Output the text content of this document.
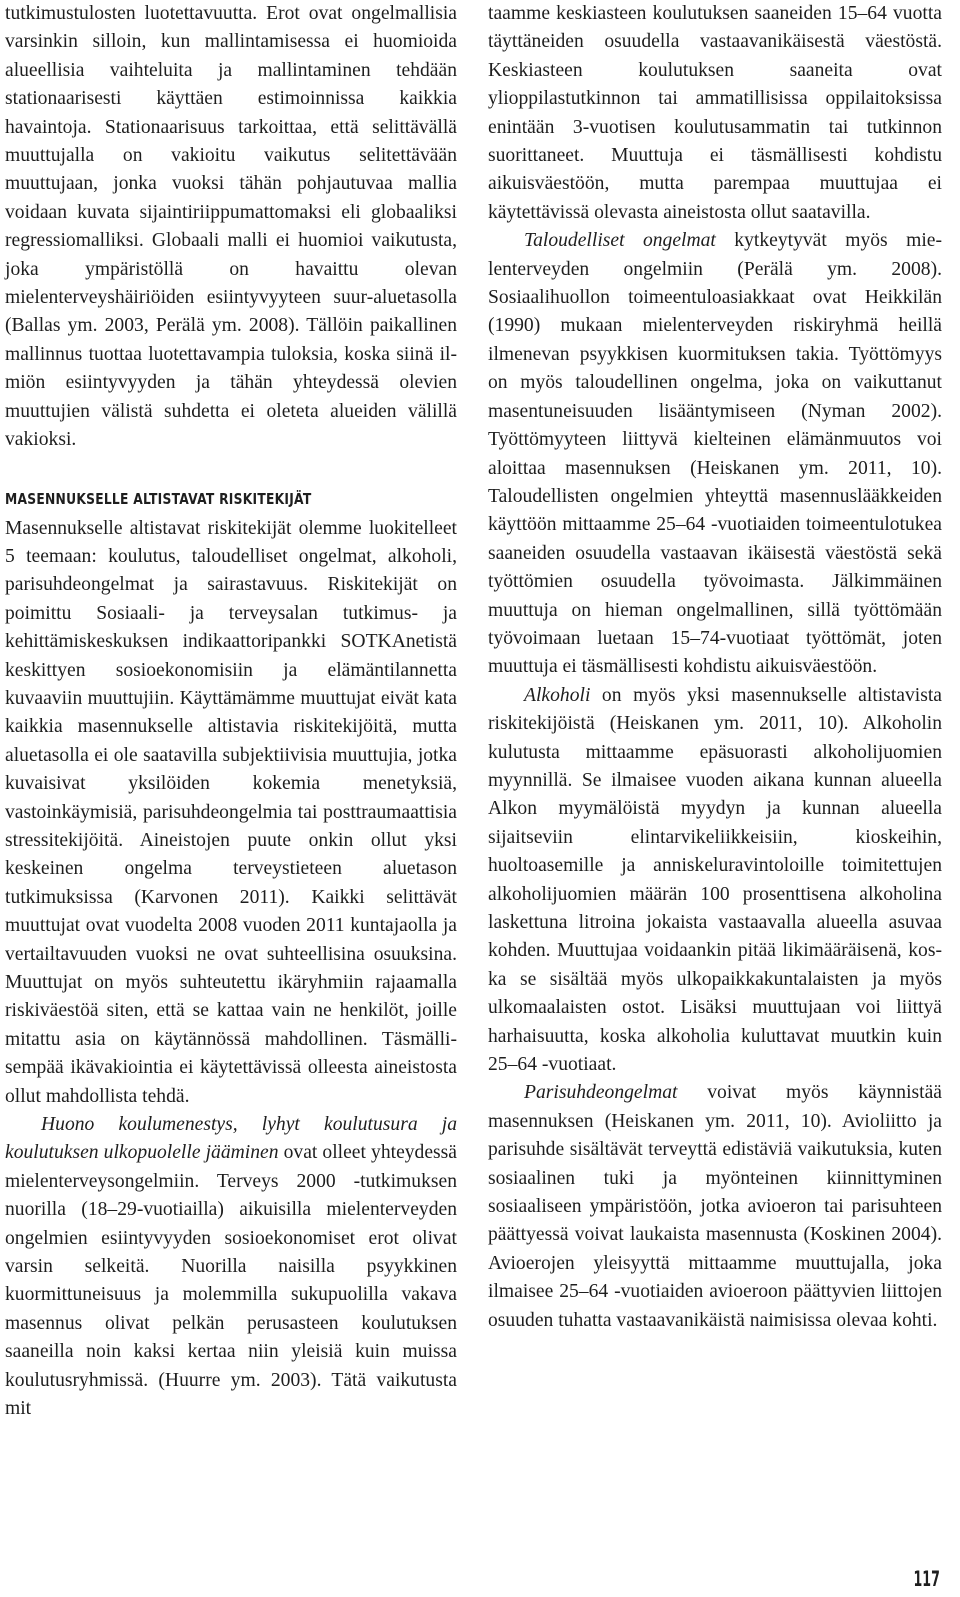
tutkimustulosten luotettavuutta. Erot ovat ongelmallisia varsinkin silloin, kun mallintamisessa ei huomioida alueellisia vaihteluita ja mallintaminen tehdään stationaarisesti käyttäen estimoinnissa kaikkia havaintoja. Stationaarisuus tarkoittaa, että selittävällä muuttujalla on vakioitu vaikutus selitettävään muuttujaan, jonka vuoksi tähän pohjautuvaa mallia voidaan kuvata sijaintiriippumattomaksi eli globaaliksi regressiomalliksi. Globaali malli ei huomioi vaikutusta, joka ympäristöllä on havaittu olevan mielenterveyshäiriöiden esiintyvyyteen suur-aluetasolla (Ballas ym. 2003, Perälä ym. 2008). Tällöin paikallinen mallinnus tuottaa luotettavampia tuloksia, koska siinä ilmiön esiintyvyyden ja tähän yhteydessä olevien muuttujien välistä suhdetta ei oleteta alueiden välillä vakioksi.

MASENNUKSELLE ALTISTAVAT RISKITEKIJÄT

Masennukselle altistavat riskitekijät olemme luokitelleet 5 teemaan: koulutus, taloudelliset ongelmat, alkoholi, parisuhdeongelmat ja sairastavuus. Riskitekijät on poimittu Sosiaali- ja terveysalan tutkimus- ja kehittämiskeskuksen indikaattoripankki SOTKAnetistä keskittyen sosioekonomisiin ja elämäntilannetta kuvaaviin muuttujiin. Käyttämämme muuttujat eivät kata kaikkia masennukselle altistavia riskitekijöitä, mutta aluetasolla ei ole saatavilla subjektiivisia muuttujia, jotka kuvaisivat yksilöiden kokemia menetyksiä, vastoinkäymisiä, parisuhdeongelmia tai posttraumaattisia stressitekijöitä. Aineistojen puute onkin ollut yksi keskeinen ongelma terveystieteen aluetason tutkimuksissa (Karvonen 2011). Kaikki selittävät muuttujat ovat vuodelta 2008 vuoden 2011 kuntajaolla ja vertailtavuuden vuoksi ne ovat suhteellisina osuuksina. Muuttujat on myös suhteutettu ikäryhmiin rajaamalla riskiväestöä siten, että se kattaa vain ne henkilöt, joille mitattu asia on käytännössä mahdollinen. Täsmällisempää ikävakiointia ei käytettävissä olleesta aineistosta ollut mahdollista tehdä.

Huono koulumenestys, lyhyt koulutusura ja koulutuksen ulkopuolelle jääminen ovat olleet yhteydessä mielenterveysongelmiin. Terveys 2000 -tutkimuksen nuorilla (18–29-vuotiailla) aikuisilla mielenterveyden ongelmien esiintyvyyden sosioekonomiset erot olivat varsin selkeitä. Nuorilla naisilla psyykkinen kuormittuneisuus ja molemmilla sukupuolilla vakava masennus olivat pelkän perusasteen koulutuksen saaneilla noin kaksi kertaa niin yleisiä kuin muissa koulutusryhmissä. (Huurre ym. 2003). Tätä vaikutusta mit

taamme keskiasteen koulutuksen saaneiden 15–64 vuotta täyttäneiden osuudella vastaavanikäisestä väestöstä. Keskiasteen koulutuksen saaneita ovat ylioppilastutkinnon tai ammatillisissa oppilaitoksissa enintään 3-vuotisen koulutusammatin tai tutkinnon suorittaneet. Muuttuja ei täsmällisesti kohdistu aikuisväestöön, mutta parempaa muuttujaa ei käytettävissä olevasta aineistosta ollut saatavilla.

Taloudelliset ongelmat kytkeytyvät myös mielenterveyden ongelmiin (Perälä ym. 2008). Sosiaalihuollon toimeentuloasiakkaat ovat Heikkilän (1990) mukaan mielenterveyden riskiryhmä heillä ilmenevan psyykkisen kuormituksen takia. Työttömyys on myös taloudellinen ongelma, joka on vaikuttanut masentuneisuuden lisääntymiseen (Nyman 2002). Työttömyyteen liittyvä kielteinen elämänmuutos voi aloittaa masennuksen (Heiskanen ym. 2011, 10). Taloudellisten ongelmien yhteyttä masennuslääkkeiden käyttöön mittaamme 25–64 -vuotiaiden toimeentulotukea saaneiden osuudella vastaavan ikäisestä väestöstä sekä työttömien osuudella työvoimasta. Jälkimmäinen muuttuja on hieman ongelmallinen, sillä työttömään työvoimaan luetaan 15–74-vuotiaat työttömät, joten muuttuja ei täsmällisesti kohdistu aikuisväestöön.

Alkoholi on myös yksi masennukselle altistavista riskitekijöistä (Heiskanen ym. 2011, 10). Alkoholin kulutusta mittaamme epäsuorasti alkoholijuomien myynnillä. Se ilmaisee vuoden aikana kunnan alueella Alkon myymälöistä myydyn ja kunnan alueella sijaitseviin elintarvikeliikkeisiin, kioskeihin, huoltoasemille ja anniskeluravintoloille toimitettujen alkoholijuomien määrän 100 prosenttisena alkoholina laskettuna litroina jokaista vastaavalla alueella asuvaa kohden. Muuttujaa voidaankin pitää likimääräisenä, koska se sisältää myös ulkopaikkakuntalaisten ja myös ulkomaalaisten ostot. Lisäksi muuttujaan voi liittyä harhaisuutta, koska alkoholia kuluttavat muutkin kuin 25–64 -vuotiaat.

Parisuhdeongelmat voivat myös käynnistää masennuksen (Heiskanen ym. 2011, 10). Avioliitto ja parisuhde sisältävät terveyttä edistäviä vaikutuksia, kuten sosiaalinen tuki ja myönteinen kiinnittyminen sosiaaliseen ympäristöön, jotka avioeron tai parisuhteen päättyessä voivat laukaista masennusta (Koskinen 2004). Avioerojen yleisyyttä mittaamme muuttujalla, joka ilmaisee 25–64 -vuotiaiden avioeroon päättyvien liittojen osuuden tuhatta vastaavanikäistä naimisissa olevaa kohti.

117
